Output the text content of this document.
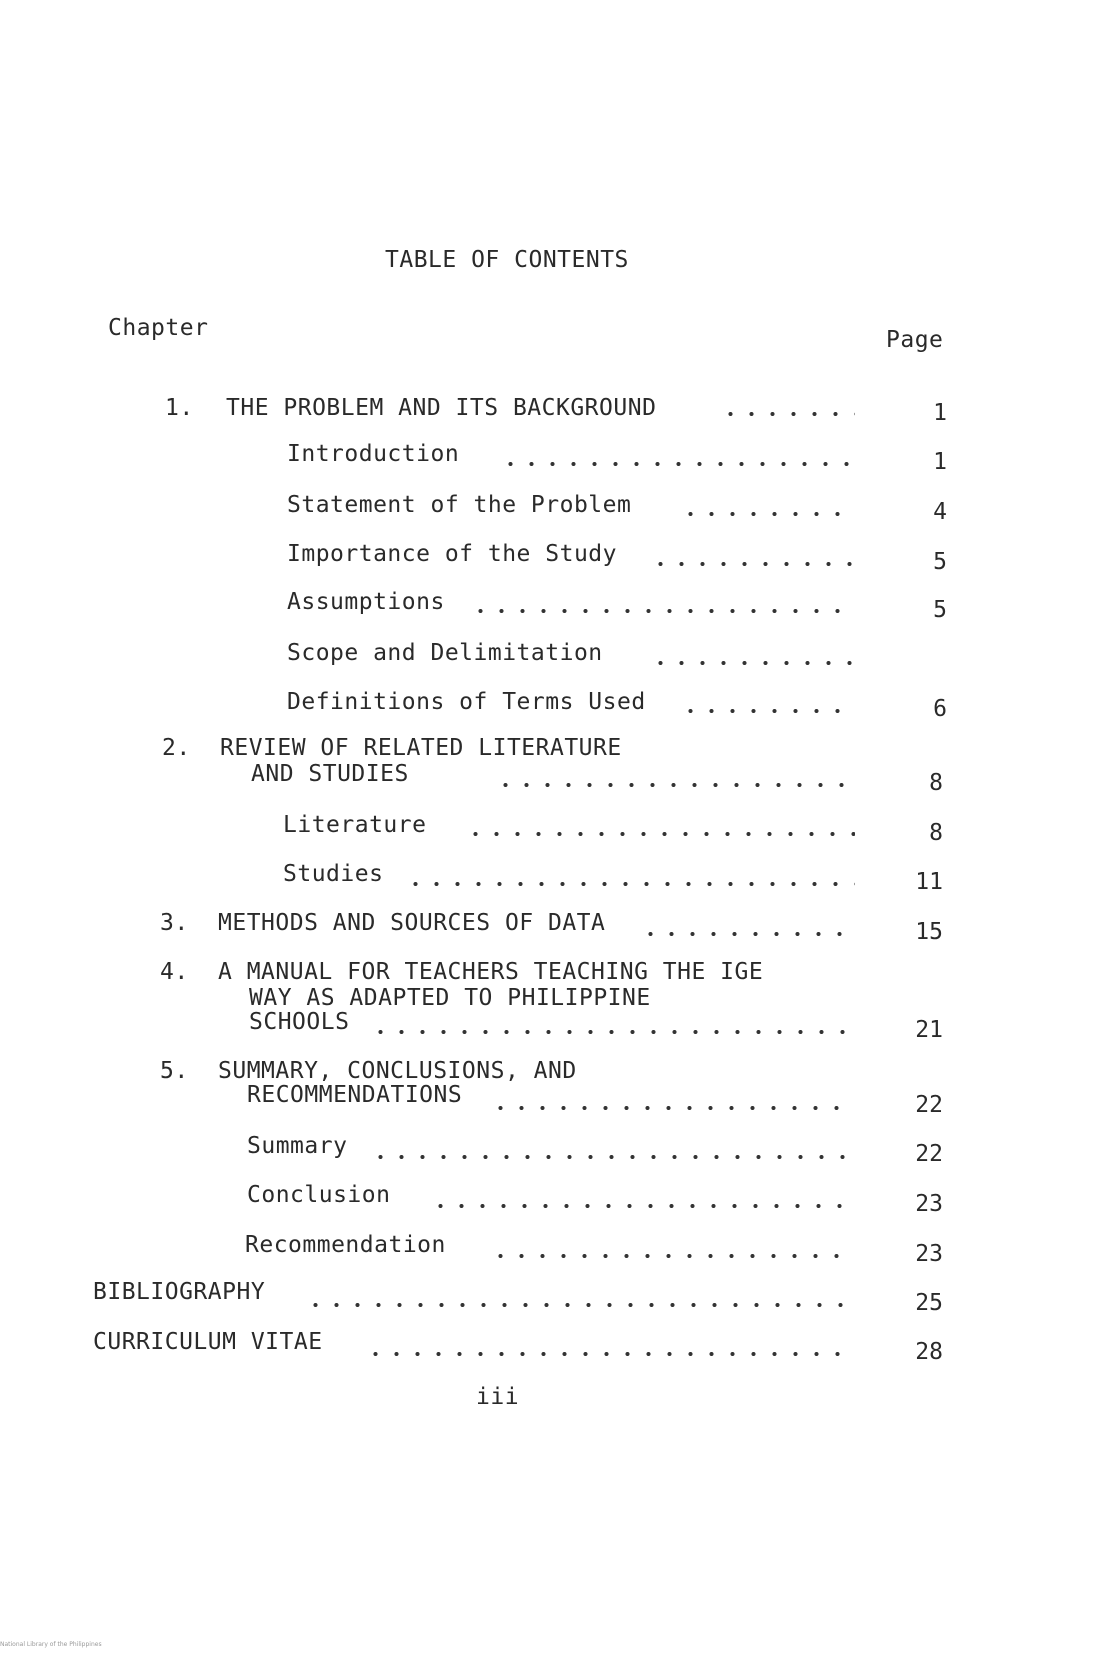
TABLE OF CONTENTS
Chapter	Page
1. THE PROBLEM AND ITS BACKGROUND	1
Introduction	1
Statement of the Problem	4
Importance of the Study	5
Assumptions	5
Scope and Delimitation
Definitions of Terms Used	6
2. REVIEW OF RELATED LITERATURE
AND STUDIES	8
Literature	8
Studies	11
3. METHODS AND SOURCES OF DATA	15
4. A MANUAL FOR TEACHERS TEACHING THE IGE
WAY AS ADAPTED TO PHILIPPINE
SCHOOLS	21
5. SUMMARY, CONCLUSIONS, AND
RECOMMENDATIONS	22
Summary	22
Conclusion	23
Recommendation	23
BIBLIOGRAPHY	25
CURRICULUM VITAE	28
iii
National Library of the Philippines
